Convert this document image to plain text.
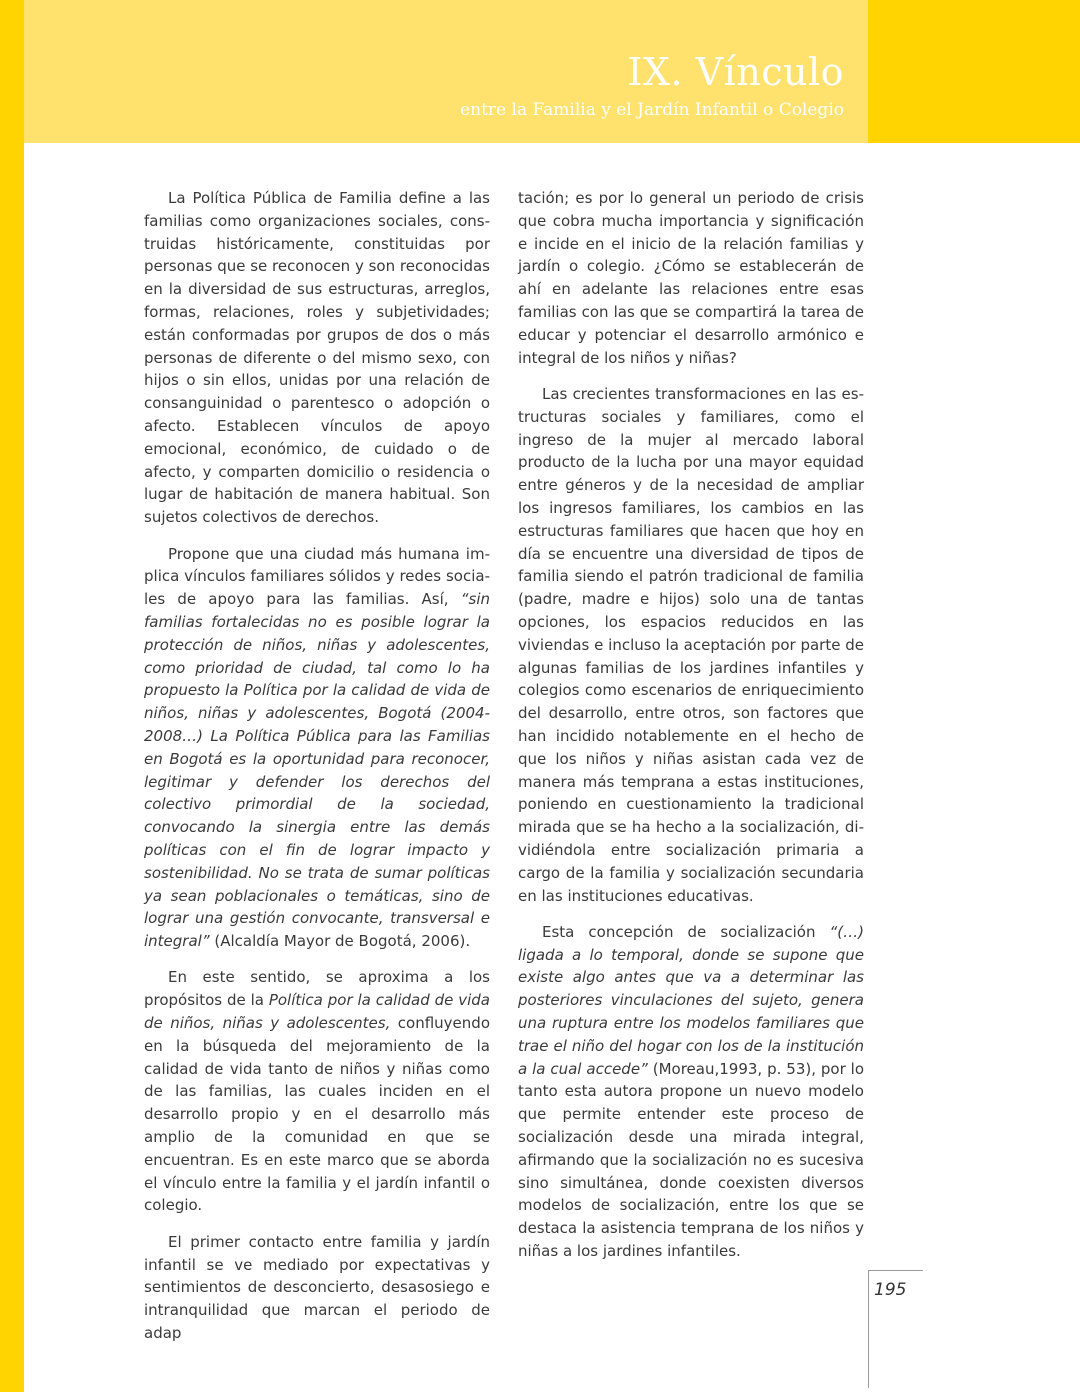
IX. Vínculo
entre la Familia y el Jardín Infantil o Colegio

La Política Pública de Familia define a las familias como organizaciones sociales, construidas históricamente, constituidas por personas que se reconocen y son reconocidas en la diversidad de sus estructuras, arreglos, formas, relaciones, roles y subjetividades; están conformadas por grupos de dos o más personas de diferente o del mismo sexo, con hijos o sin ellos, unidas por una relación de consanguinidad o parentesco o adopción o afecto. Establecen vínculos de apoyo emocional, económico, de cuidado o de afecto, y comparten domicilio o residencia o lugar de habitación de manera habitual. Son sujetos colectivos de derechos.

Propone que una ciudad más humana implica vínculos familiares sólidos y redes sociales de apoyo para las familias. Así, “sin familias fortalecidas no es posible lograr la protección de niños, niñas y adolescentes, como prioridad de ciudad, tal como lo ha propuesto la Política por la calidad de vida de niños, niñas y adolescentes, Bogotá (2004-2008…) La Política Pública para las Familias en Bogotá es la oportunidad para reconocer, legitimar y defender los derechos del colectivo primordial de la sociedad, convocando la sinergia entre las demás políticas con el fin de lograr impacto y sostenibilidad. No se trata de sumar políticas ya sean poblacionales o temáticas, sino de lograr una gestión convocante, transversal e integral” (Alcaldía Mayor de Bogotá, 2006).

En este sentido, se aproxima a los propósitos de la Política por la calidad de vida de niños, niñas y adolescentes, confluyendo en la búsqueda del mejoramiento de la calidad de vida tanto de niños y niñas como de las familias, las cuales inciden en el desarrollo propio y en el desarrollo más amplio de la comunidad en que se encuentran. Es en este marco que se aborda el vínculo entre la familia y el jardín infantil o colegio.

El primer contacto entre familia y jardín infantil se ve mediado por expectativas y sentimientos de desconcierto, desasosiego e intranquilidad que marcan el periodo de adap

tación; es por lo general un periodo de crisis que cobra mucha importancia y significación e incide en el inicio de la relación familias y jardín o colegio. ¿Cómo se establecerán de ahí en adelante las relaciones entre esas familias con las que se compartirá la tarea de educar y potenciar el desarrollo armónico e integral de los niños y niñas?

Las crecientes transformaciones en las estructuras sociales y familiares, como el ingreso de la mujer al mercado laboral producto de la lucha por una mayor equidad entre géneros y de la necesidad de ampliar los ingresos familiares, los cambios en las estructuras familiares que hacen que hoy en día se encuentre una diversidad de tipos de familia siendo el patrón tradicional de familia (padre, madre e hijos) solo una de tantas opciones, los espacios reducidos en las viviendas e incluso la aceptación por parte de algunas familias de los jardines infantiles y colegios como escenarios de enriquecimiento del desarrollo, entre otros, son factores que han incidido notablemente en el hecho de que los niños y niñas asistan cada vez de manera más temprana a estas instituciones, poniendo en cuestionamiento la tradicional mirada que se ha hecho a la socialización, dividiéndola entre socialización primaria a cargo de la familia y socialización secundaria en las instituciones educativas.

Esta concepción de socialización “(…) ligada a lo temporal, donde se supone que existe algo antes que va a determinar las posteriores vinculaciones del sujeto, genera una ruptura entre los modelos familiares que trae el niño del hogar con los de la institución a la cual accede” (Moreau,1993, p. 53), por lo tanto esta autora propone un nuevo modelo que permite entender este proceso de socialización desde una mirada integral, afirmando que la socialización no es sucesiva sino simultánea, donde coexisten diversos modelos de socialización, entre los que se destaca la asistencia temprana de los niños y niñas a los jardines infantiles.

195
